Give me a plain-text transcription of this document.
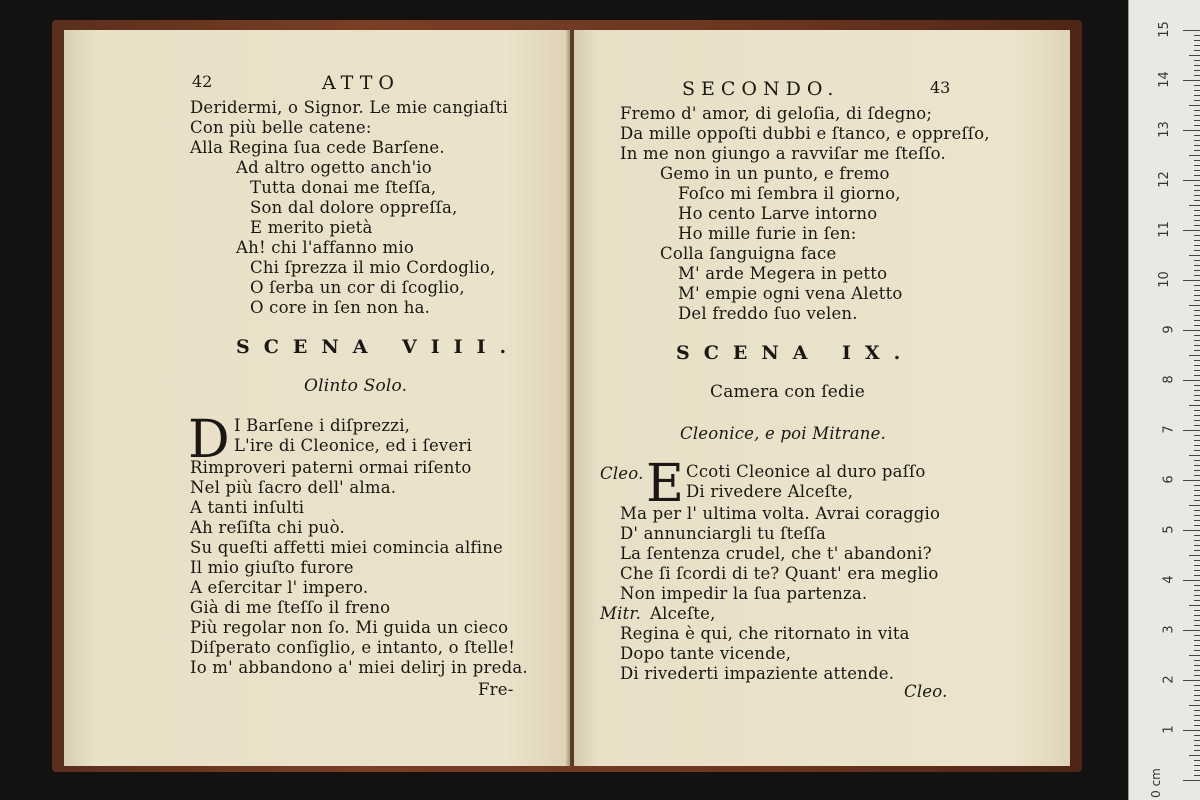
42	ATTO
Deridermi, o Signor. Le mie cangiaſti
Con più belle catene:
Alla Regina ſua cede Barſene.
Ad altro ogetto anch'io
Tutta donai me ſteſſa,
Son dal dolore oppreſſa,
E merito pietà
Ah! chi l'affanno mio
Chi ſprezza il mio Cordoglio,
O ſerba un cor di ſcoglio,
O core in ſen non ha.
SCENA VIII.
Olinto Solo.
D I Barſene i diſprezzi,
L'ire di Cleonice, ed i ſeveri
Rimproveri paterni ormai riſento
Nel più ſacro dell' alma.
A tanti inſulti
Ah reſiſta chi può.
Su queſti affetti miei comincia alfine
Il mio giuſto furore
A eſercitar l' impero.
Già di me ſteſſo il freno
Più regolar non ſo. Mi guida un cieco
Diſperato conſiglio, e intanto, o ſtelle!
Io m' abbandono a' miei delirj in preda.
Fre-
SECONDO.	43
Fremo d' amor, di geloſia, di ſdegno;
Da mille oppoſti dubbi e ſtanco, e oppreſſo,
In me non giungo a ravviſar me ſteſſo.
Gemo in un punto, e fremo
Foſco mi ſembra il giorno,
Ho cento Larve intorno
Ho mille furie in ſen:
Colla ſanguigna face
M' arde Megera in petto
M' empie ogni vena Aletto
Del freddo ſuo velen.
SCENA IX.
Camera con ſedie
Cleonice, e poi Mitrane.
Cleo. E Ccoti Cleonice al duro paſſo
Di rivedere Alceſte,
Ma per l' ultima volta. Avrai coraggio
D' annunciargli tu ſteſſa
La ſentenza crudel, che t' abandoni?
Che ſi ſcordi di te? Quant' era meglio
Non impedir la ſua partenza.
Mitr. Alceſte,
Regina è qui, che ritornato in vita
Dopo tante vicende,
Di rivederti impaziente attende.
Cleo.
15
14
13
12
11
10
9
8
7
6
5
4
3
2
1
0 cm
